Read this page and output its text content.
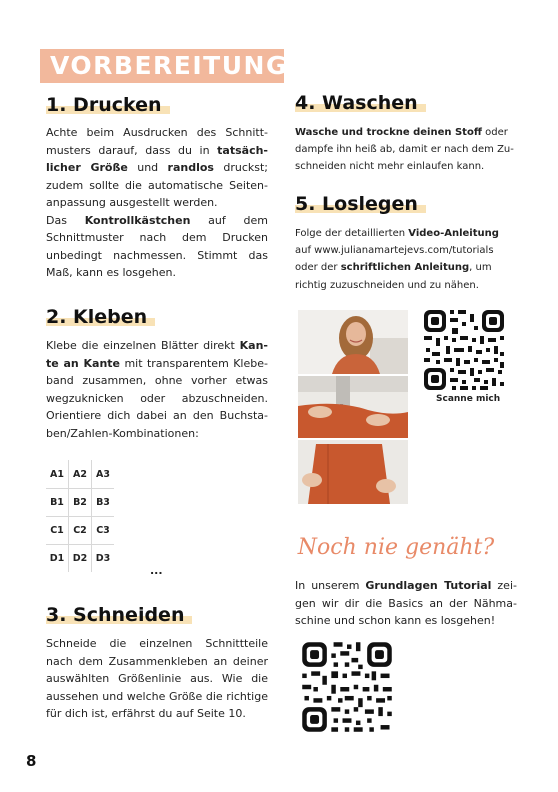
VORBEREITUNG
1. Drucken
Achte beim Ausdrucken des Schnittmusters darauf, dass du in tatsächlicher Größe und randlos druckst; zudem sollte die automatische Seitenanpassung ausgestellt werden.
Das Kontrollkästchen auf dem Schnittmuster nach dem Drucken unbedingt nachmessen. Stimmt das Maß, kann es losgehen.
2. Kleben
Klebe die einzelnen Blätter direkt Kante an Kante mit transparentem Klebeband zusammen, ohne vorher etwas wegzuknicken oder abzuschneiden. Orientiere dich dabei an den Buchstaben/Zahlen-Kombinationen:
A1 A2 A3
B1 B2 B3
C1 C2 C3
D1 D2 D3
...
3. Schneiden
Schneide die einzelnen Schnittteile nach dem Zusammenkleben an deiner auswählten Größenlinie aus. Wie die aussehen und welche Größe die richtige für dich ist, erfährst du auf Seite 10.
4. Waschen
Wasche und trockne deinen Stoff oder dampfe ihn heiß ab, damit er nach dem Zuschneiden nicht mehr einlaufen kann.
5. Loslegen
Folge der detaillierten Video-Anleitung auf www.julianamartejevs.com/tutorials oder der schriftlichen Anleitung, um richtig zuzuschneiden und zu nähen.
Scanne mich
Noch nie genäht?
In unserem Grundlagen Tutorial zeigen wir dir die Basics an der Nähmaschine und schon kann es losgehen!
8
